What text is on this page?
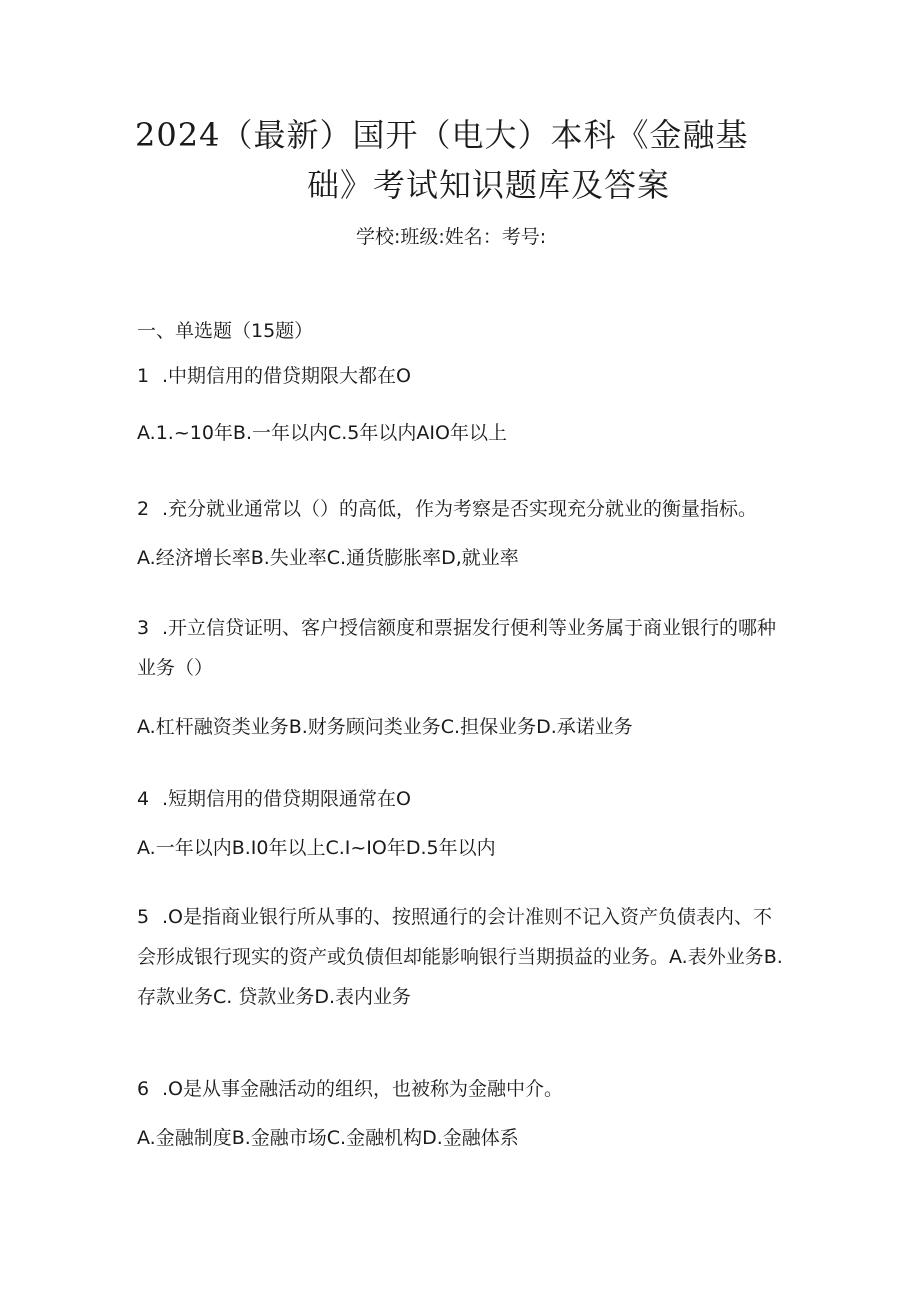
2024（最新）国开（电大）本科《金融基
础》考试知识题库及答案
学校:班级:姓名：考号:
一、单选题（15题）
1 .中期信用的借贷期限大都在O
A.1.~10年B.一年以内C.5年以内AIO年以上
2 .充分就业通常以（）的高低，作为考察是否实现充分就业的衡量指标。
A.经济增长率B.失业率C.通货膨胀率D,就业率
3 .开立信贷证明、客户授信额度和票据发行便利等业务属于商业银行的哪种业务（）
A.杠杆融资类业务B.财务顾问类业务C.担保业务D.承诺业务
4 .短期信用的借贷期限通常在O
A.一年以内B.I0年以上C.I~IO年D.5年以内
5 .O是指商业银行所从事的、按照通行的会计准则不记入资产负债表内、不会形成银行现实的资产或负债但却能影响银行当期损益的业务。A.表外业务B.存款业务C. 贷款业务D.表内业务
6 .O是从事金融活动的组织，也被称为金融中介。
A.金融制度B.金融市场C.金融机构D.金融体系
